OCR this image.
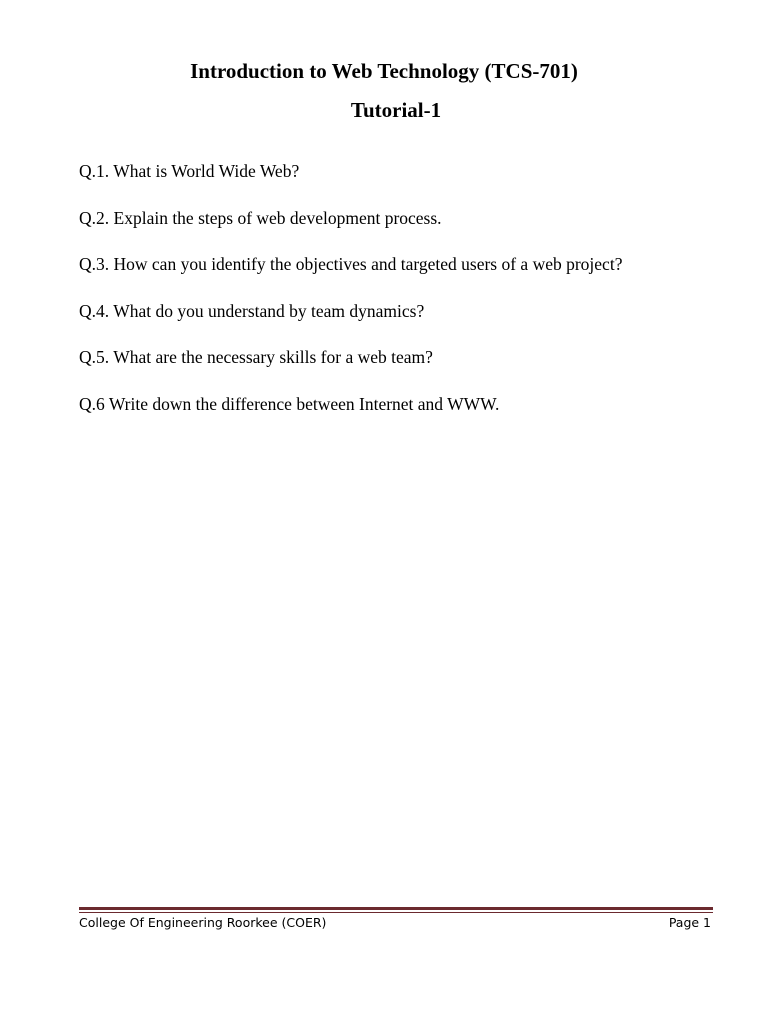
Introduction to Web Technology (TCS-701)
Tutorial-1
Q.1. What is World Wide Web?
Q.2. Explain the steps of web development process.
Q.3. How can you identify the objectives and targeted users of a web project?
Q.4. What do you understand by team dynamics?
Q.5. What are the necessary skills for a web team?
Q.6 Write down the difference between Internet and WWW.
College Of Engineering Roorkee (COER)	Page 1
